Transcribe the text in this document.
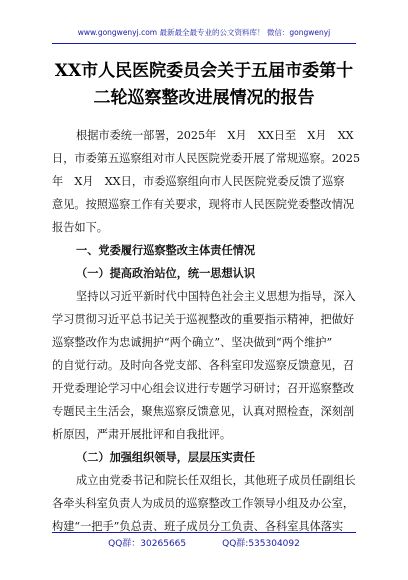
www.gongwenyj.com 最新最全最专业的公文资料库！ 微信：gongwenyj
XX市人民医院委员会关于五届市委第十
二轮巡察整改进展情况的报告
根据市委统一部署，2025年　X月　XX日至　X月　XX
日，市委第五巡察组对市人民医院党委开展了常规巡察。2025
年　X月　XX日，市委巡察组向市人民医院党委反馈了巡察
意见。按照巡察工作有关要求，现将市人民医院党委整改情况
报告如下。
一、党委履行巡察整改主体责任情况
（一）提高政治站位，统一思想认识
坚持以习近平新时代中国特色社会主义思想为指导，深入
学习贯彻习近平总书记关于巡视整改的重要指示精神，把做好
巡察整改作为忠诚拥护“两个确立”、坚决做到“两个维护”
的自觉行动。及时向各党支部、各科室印发巡察反馈意见，召
开党委理论学习中心组会议进行专题学习研讨；召开巡察整改
专题民主生活会，聚焦巡察反馈意见，认真对照检查，深刻剖
析原因，严肃开展批评和自我批评。
（二）加强组织领导，层层压实责任
成立由党委书记和院长任双组长，其他班子成员任副组长
各牵头科室负责人为成员的巡察整改工作领导小组及办公室，
构建“一把手”负总责、班子成员分工负责、各科室具体落实
QQ群：30265665　　　　QQ群:535304092
